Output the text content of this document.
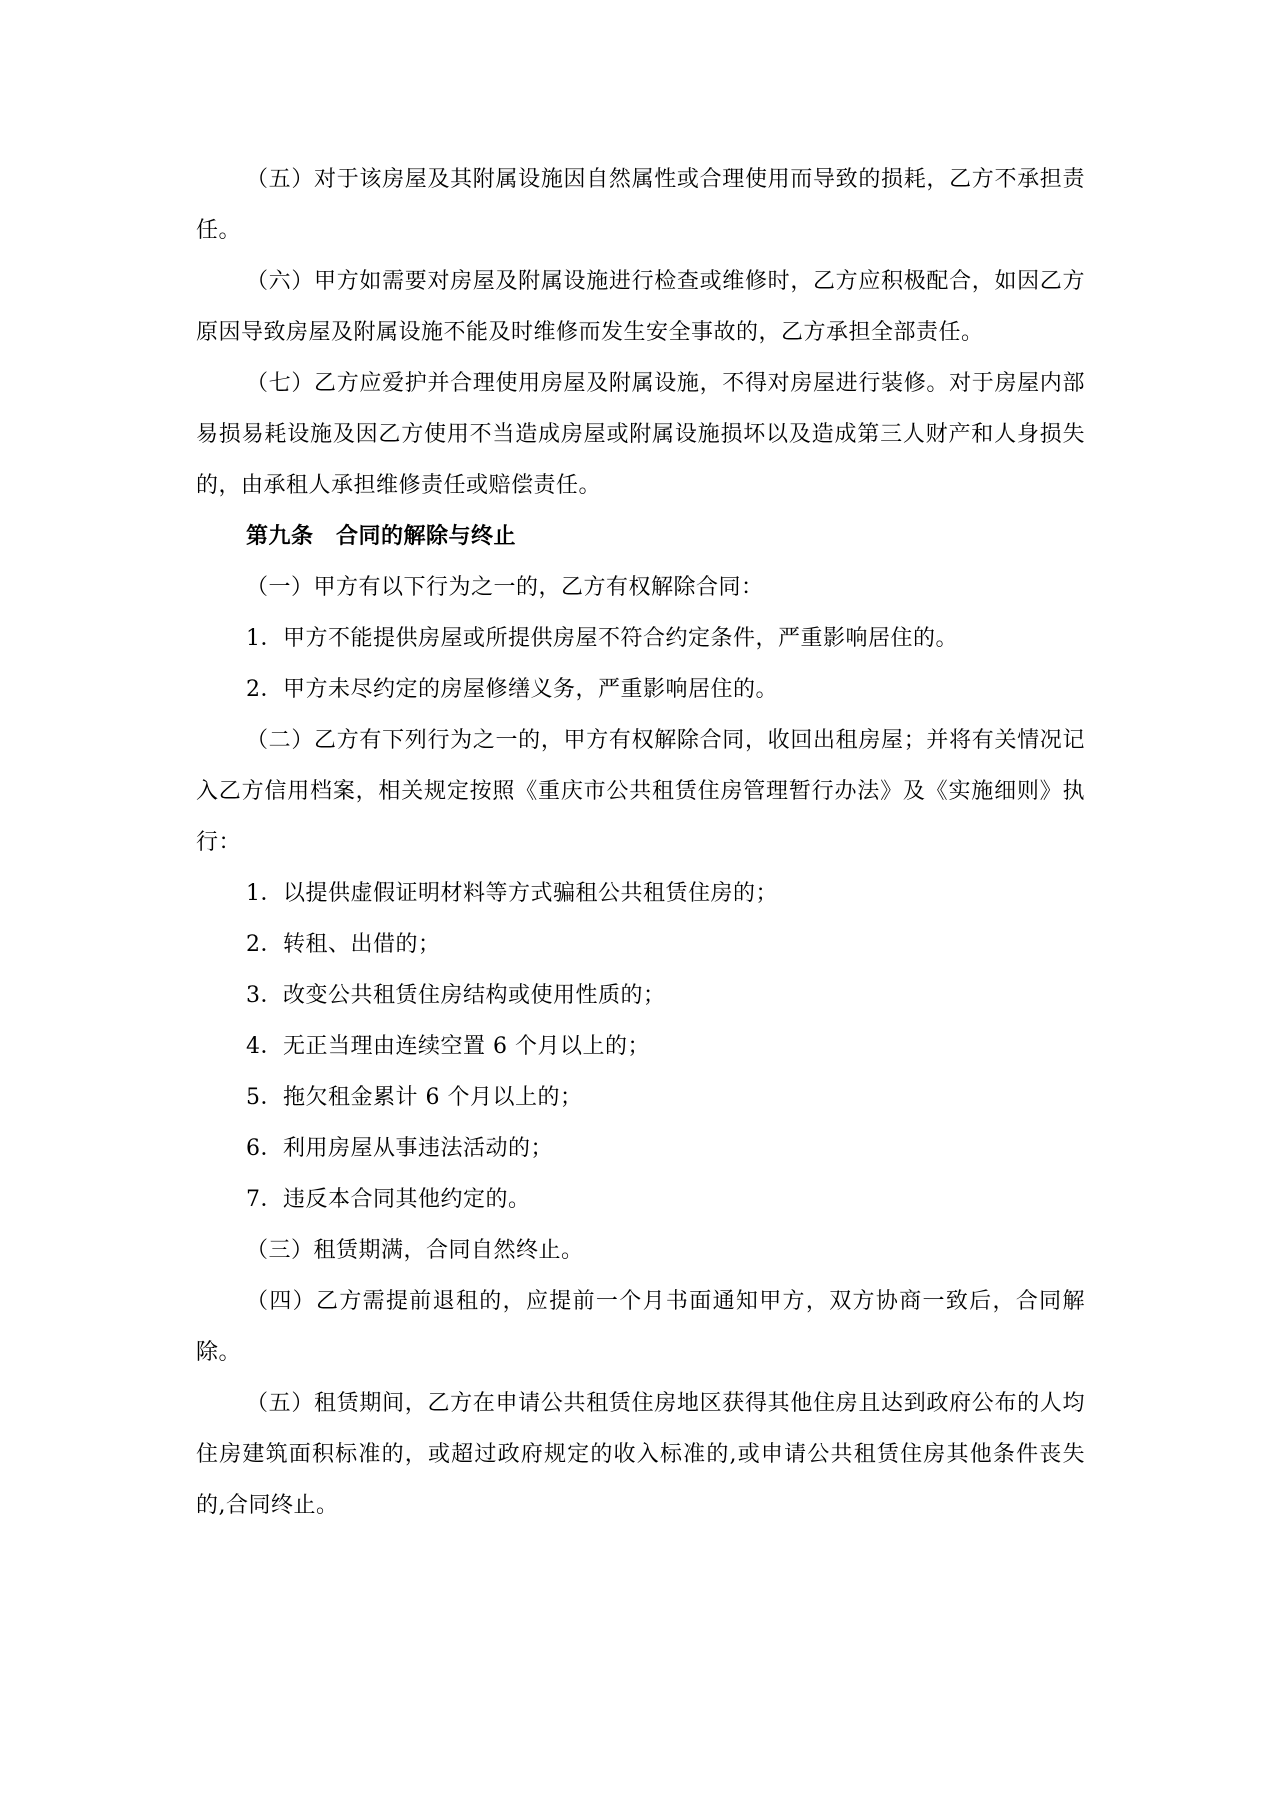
（五）对于该房屋及其附属设施因自然属性或合理使用而导致的损耗，乙方不承担责任。

（六）甲方如需要对房屋及附属设施进行检查或维修时，乙方应积极配合，如因乙方原因导致房屋及附属设施不能及时维修而发生安全事故的，乙方承担全部责任。

（七）乙方应爱护并合理使用房屋及附属设施，不得对房屋进行装修。对于房屋内部易损易耗设施及因乙方使用不当造成房屋或附属设施损坏以及造成第三人财产和人身损失的，由承租人承担维修责任或赔偿责任。

第九条　合同的解除与终止

（一）甲方有以下行为之一的，乙方有权解除合同：

1．甲方不能提供房屋或所提供房屋不符合约定条件，严重影响居住的。

2．甲方未尽约定的房屋修缮义务，严重影响居住的。

（二）乙方有下列行为之一的，甲方有权解除合同，收回出租房屋；并将有关情况记入乙方信用档案，相关规定按照《重庆市公共租赁住房管理暂行办法》及《实施细则》执行：

1．以提供虚假证明材料等方式骗租公共租赁住房的；

2．转租、出借的；

3．改变公共租赁住房结构或使用性质的；

4．无正当理由连续空置 6 个月以上的；

5．拖欠租金累计 6 个月以上的；

6．利用房屋从事违法活动的；

7．违反本合同其他约定的。

（三）租赁期满，合同自然终止。

（四）乙方需提前退租的，应提前一个月书面通知甲方，双方协商一致后，合同解除。

（五）租赁期间，乙方在申请公共租赁住房地区获得其他住房且达到政府公布的人均住房建筑面积标准的，或超过政府规定的收入标准的,或申请公共租赁住房其他条件丧失的,合同终止。
